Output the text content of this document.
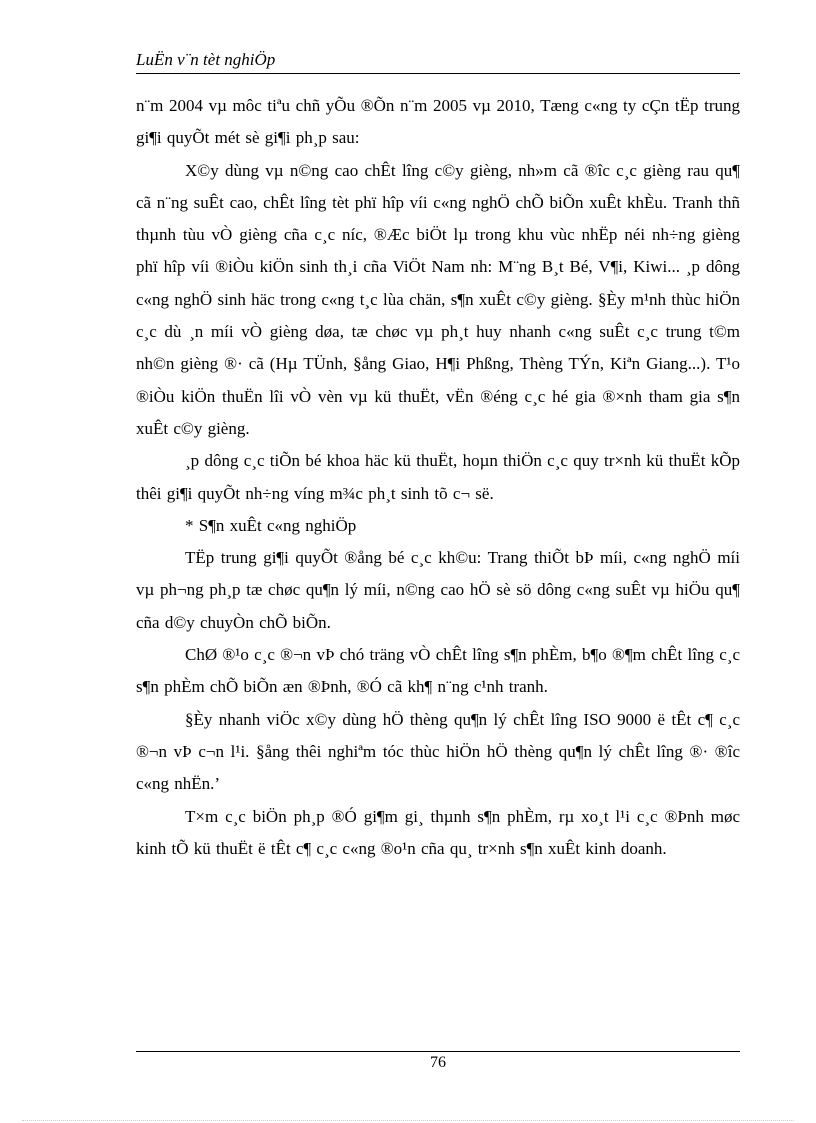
LuËn v¨n tèt nghiÖp

n¨m 2004 vµ môc tiªu chñ yÕu ®Õn n¨m 2005 vµ 2010, Tæng c«ng ty cÇn tËp trung gi¶i quyÕt mét sè gi¶i ph¸p sau:

X©y dùng vµ n©ng cao chÊt lîng c©y gièng, nh»m cã ®îc c¸c gièng rau qu¶ cã n¨ng suÊt cao, chÊt lîng tèt phï hîp víi c«ng nghÖ chÕ biÕn xuÊt khÈu. Tranh thñ thµnh tùu vÒ gièng cña c¸c níc, ®Æc biÖt lµ trong khu vùc nhËp néi nh÷ng gièng phï hîp víi ®iÒu kiÖn sinh th¸i cña ViÖt Nam nh: M¨ng B¸t Bé, V¶i, Kiwi... ¸p dông c«ng nghÖ sinh häc trong c«ng t¸c lùa chän, s¶n xuÊt c©y gièng. §Èy m¹nh thùc hiÖn c¸c dù ¸n míi vÒ gièng døa, tæ chøc vµ ph¸t huy nhanh c«ng suÊt c¸c trung t©m nh©n gièng ®· cã (Hµ TÜnh, §ång Giao, H¶i Phßng, Thèng TÝn, Kiªn Giang...). T¹o ®iÒu kiÖn thuËn lîi vÒ vèn vµ kü thuËt, vËn ®éng c¸c hé gia ®×nh tham gia s¶n xuÊt c©y gièng.

¸p dông c¸c tiÕn bé khoa häc kü thuËt, hoµn thiÖn c¸c quy tr×nh kü thuËt kÕp thêi gi¶i quyÕt nh÷ng víng m¾c ph¸t sinh tõ c¬ së.

* S¶n xuÊt c«ng nghiÖp

TËp trung gi¶i quyÕt ®ång bé c¸c kh©u: Trang thiÕt bÞ míi, c«ng nghÖ míi vµ ph¬ng ph¸p tæ chøc qu¶n lý míi, n©ng cao hÖ sè sö dông c«ng suÊt vµ hiÖu qu¶ cña d©y chuyÒn chÕ biÕn.

ChØ ®¹o c¸c ®¬n vÞ chó träng vÒ chÊt lîng s¶n phÈm, b¶o ®¶m chÊt lîng c¸c s¶n phÈm chÕ biÕn æn ®Þnh, ®Ó cã kh¶ n¨ng c¹nh tranh.

§Èy nhanh viÖc x©y dùng hÖ thèng qu¶n lý chÊt lîng ISO 9000 ë tÊt c¶ c¸c ®¬n vÞ c¬n l¹i. §ång thêi nghiªm tóc thùc hiÖn hÖ thèng qu¶n lý chÊt lîng ®· ®îc c«ng nhËn.’

T×m c¸c biÖn ph¸p ®Ó gi¶m gi¸ thµnh s¶n phÈm, rµ xo¸t l¹i c¸c ®Þnh møc kinh tÕ kü thuËt ë tÊt c¶ c¸c c«ng ®o¹n cña qu¸ tr×nh s¶n xuÊt kinh doanh.

76
